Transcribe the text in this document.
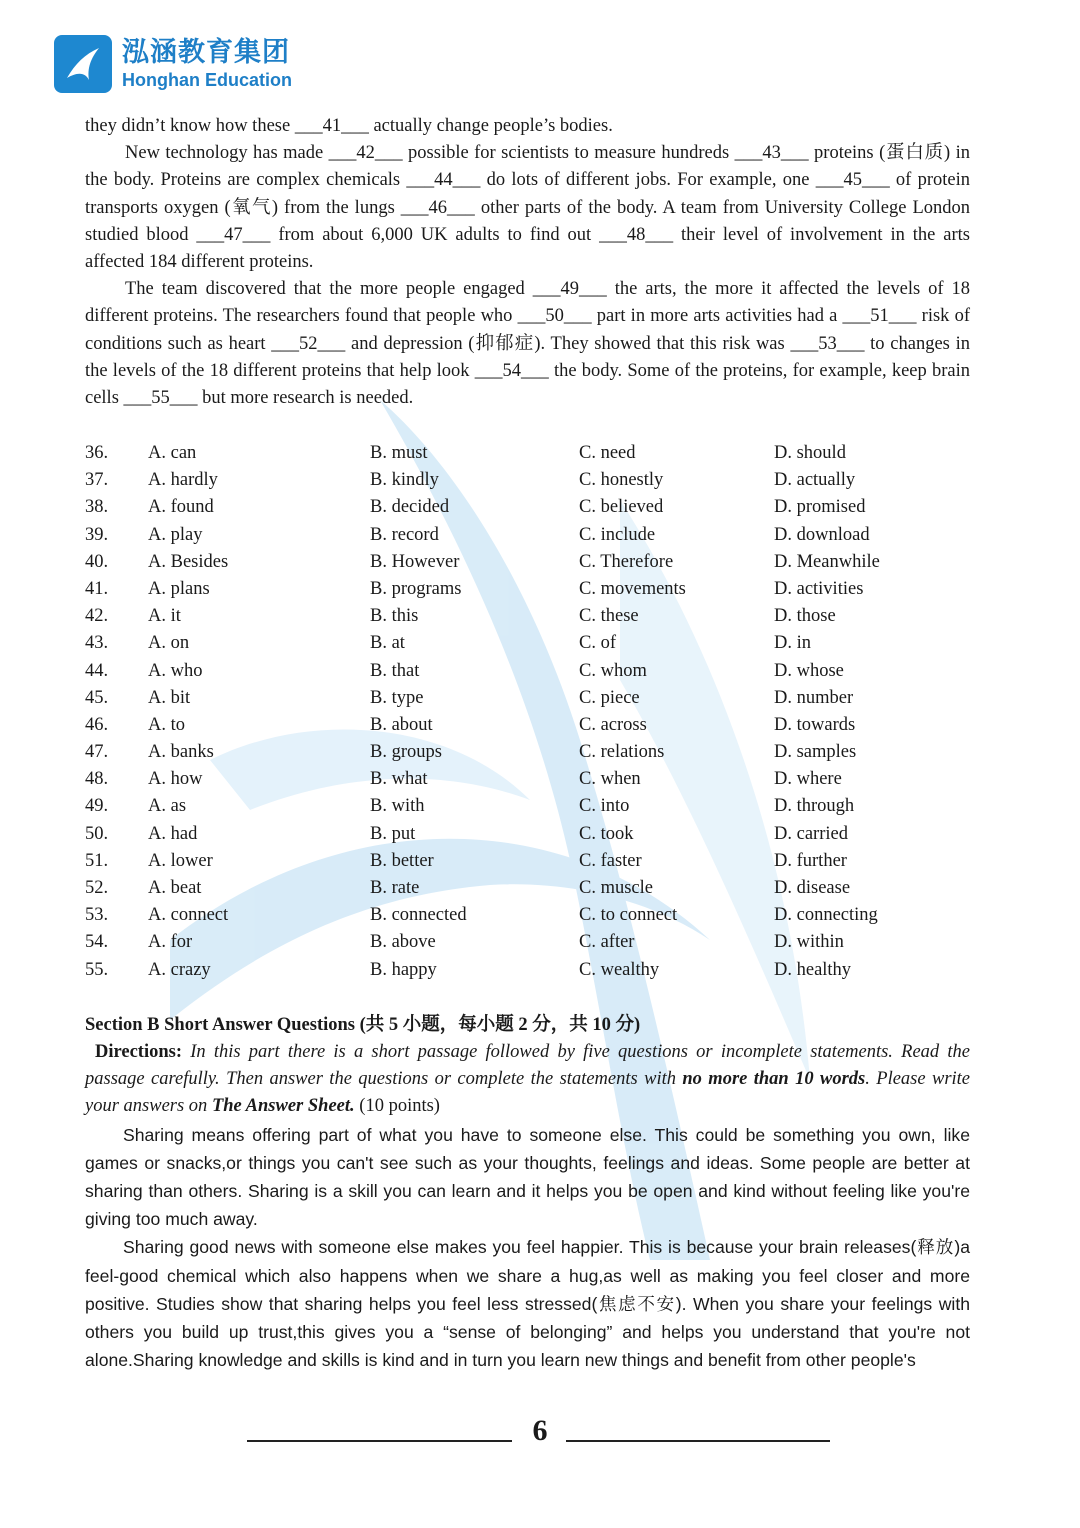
泓涵教育集团
Honghan Education

they didn’t know how these ___41___ actually change people’s bodies.

New technology has made ___42___ possible for scientists to measure hundreds ___43___ proteins (蛋白质) in the body. Proteins are complex chemicals ___44___ do lots of different jobs. For example, one ___45___ of protein transports oxygen (氧气) from the lungs ___46___ other parts of the body. A team from University College London studied blood ___47___ from about 6,000 UK adults to find out ___48___ their level of involvement in the arts affected 184 different proteins.

The team discovered that the more people engaged ___49___ the arts, the more it affected the levels of 18 different proteins. The researchers found that people who ___50___ part in more arts activities had a ___51___ risk of conditions such as heart ___52___ and depression (抑郁症). They showed that this risk was ___53___ to changes in the levels of the 18 different proteins that help look ___54___ the body. Some of the proteins, for example, keep brain cells ___55___ but more research is needed.

36.	A. can	B. must	C. need	D. should
37.	A. hardly	B. kindly	C. honestly	D. actually
38.	A. found	B. decided	C. believed	D. promised
39.	A. play	B. record	C. include	D. download
40.	A. Besides	B. However	C. Therefore	D. Meanwhile
41.	A. plans	B. programs	C. movements	D. activities
42.	A. it	B. this	C. these	D. those
43.	A. on	B. at	C. of	D. in
44.	A. who	B. that	C. whom	D. whose
45.	A. bit	B. type	C. piece	D. number
46.	A. to	B. about	C. across	D. towards
47.	A. banks	B. groups	C. relations	D. samples
48.	A. how	B. what	C. when	D. where
49.	A. as	B. with	C. into	D. through
50.	A. had	B. put	C. took	D. carried
51.	A. lower	B. better	C. faster	D. further
52.	A. beat	B. rate	C. muscle	D. disease
53.	A. connect	B. connected	C. to connect	D. connecting
54.	A. for	B. above	C. after	D. within
55.	A. crazy	B. happy	C. wealthy	D. healthy
Section B Short Answer Questions (共 5 小题，每小题 2 分，共 10 分)
Directions: In this part there is a short passage followed by five questions or incomplete statements. Read the passage carefully. Then answer the questions or complete the statements with no more than 10 words. Please write your answers on The Answer Sheet. (10 points)

Sharing means offering part of what you have to someone else. This could be something you own, like games or snacks,or things you can't see such as your thoughts, feelings and ideas. Some people are better at sharing than others. Sharing is a skill you can learn and it helps you be open and kind without feeling like you're giving too much away.

Sharing good news with someone else makes you feel happier. This is because your brain releases(释放)a feel-good chemical which also happens when we share a hug,as well as making you feel closer and more positive. Studies show that sharing helps you feel less stressed(焦虑不安). When you share your feelings with others you build up trust,this gives you a “sense of belonging” and helps you understand that you're not alone.Sharing knowledge and skills is kind and in turn you learn new things and benefit from other people's

6
